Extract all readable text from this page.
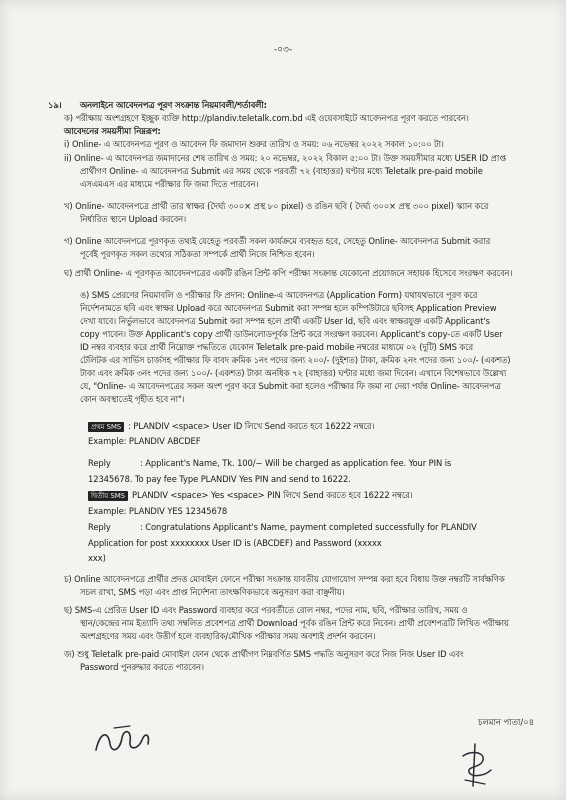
-০৩-
১৯। অনলাইনে আবেদনপত্র পূরণ সংক্রান্ত নিয়মাবলী/শর্তাবলী:
ক) পরীক্ষায় অংশগ্রহণে ইচ্ছুক ব্যক্তি http://plandiv.teletalk.com.bd এই ওয়েবসাইটে আবেদনপত্র পূরণ করতে পারবেন।
আবেদনের সময়সীমা নিম্নরূপ:
i) Online- এ আবেদনপত্র পূরণ ও আবেদন ফি জমাদান শুরুর তারিখ ও সময়: ০৬ নভেম্বর ২০২২ সকাল ১০:০০ টা।
ii) Online- এ আবেদনপত্র জমাদানের শেষ তারিখ ও সময়: ২০ নভেম্বর, ২০২২ বিকাল ৫:০০ টা। উক্ত সময়সীমার মধ্যে USER ID প্রাপ্ত
প্রার্থীগণ Online- এ আবেদনপত্র Submit এর সময় থেকে পরবর্তী ৭২ (বাহাত্তর) ঘণ্টার মধ্যে Teletalk pre-paid mobile
এসএমএস এর মাধ্যমে পরীক্ষার ফি জমা দিতে পারবেন।
খ) Online- আবেদনপত্রে প্রার্থী তার স্বাক্ষর (দৈর্ঘ্য ৩০০× প্রস্থ ৮০ pixel) ও রঙিন ছবি ( দৈর্ঘ্য ৩০০× প্রস্থ ৩০০ pixel) স্ক্যান করে
নির্ধারিত স্থানে Upload করবেন।
গ) Online আবেদনপত্রে পূরণকৃত তথ্যই যেহেতু পরবর্তী সকল কার্যক্রমে ব্যবহৃত হবে, সেহেতু Online- আবেদনপত্র Submit করার
পূর্বেই পূরণকৃত সকল তথ্যের সঠিকতা সম্পর্কে প্রার্থী নিজে নিশ্চিত হবেন।
ঘ) প্রার্থী Online- এ পূরণকৃত আবেদনপত্রের একটি রঙিন প্রিন্ট কপি পরীক্ষা সংক্রান্ত যেকোনো প্রয়োজনে সহায়ক হিসেবে সংরক্ষণ করবেন।
ঙ) SMS প্রেরণের নিয়মাবলি ও পরীক্ষার ফি প্রদান: Online-এ আবেদনপত্র (Application Form) যথাযথভাবে পূরণ করে
নির্দেশনামতে ছবি এবং স্বাক্ষর Upload করে আবেদনপত্র Submit করা সম্পন্ন হলে কম্পিউটারে ছবিসহ Application Preview
দেখা যাবে। নির্ভুলভাবে আবেদনপত্র Submit করা সম্পন্ন হলে প্রার্থী একটি User Id, ছবি এবং স্বাক্ষরযুক্ত একটি Applicant's
copy পাবেন। উক্ত Applicant's copy প্রার্থী ডাউনলোডপূর্বক প্রিন্ট করে সংরক্ষণ করবেন। Applicant's copy-তে একটি User
ID নম্বর ব্যবহার করে প্রার্থী নিম্নোক্ত পদ্ধতিতে যেকোন Teletalk pre-paid mobile নম্বরের মাধ্যমে ০২ (দুটি) SMS করে
টেলিটক এর সার্ভিস চার্জসহ পরীক্ষার ফি বাবদ ক্রমিক ১নং পদের জন্য ২০০/- (দুইশত) টাকা, ক্রমিক ২নং পদের জন্য ১০০/- (একশত)
টাকা এবং ক্রমিক ৩নং পদের জন্য ১০০/- (একশত) টাকা অনধিক ৭২ (বাহাত্তর) ঘণ্টার মধ্যে জমা দিবেন। এখানে বিশেষভাবে উল্লেখ্য
যে, "Online- এ আবেদনপত্রের সকল অংশ পূরণ করে Submit করা হলেও পরীক্ষার ফি জমা না দেয়া পর্যন্ত Online- আবেদনপত্র
কোন অবস্থাতেই গৃহীত হবে না"।
প্রথম SMS : PLANDIV <space> User ID লিখে Send করতে হবে 16222 নম্বরে।
Example: PLANDIV ABCDEF
Reply	: Applicant's Name, Tk. 100/− Will be charged as application fee. Your PIN is
12345678. To pay fee Type PLANDIV Yes PIN and send to 16222.
দ্বিতীয় SMS PLANDIV <space> Yes <space> PIN লিখে Send করতে হবে 16222 নম্বরে।
Example: PLANDIV YES 12345678
Reply	: Congratulations Applicant's Name, payment completed successfully for PLANDIV
Application for post xxxxxxxx User ID is (ABCDEF) and Password (xxxxx
xxx)
চ) Online আবেদনপত্রে প্রার্থীর প্রদত্ত মোবাইল ফোনে পরীক্ষা সংক্রান্ত যাবতীয় যোগাযোগ সম্পন্ন করা হবে বিধায় উক্ত নম্বরটি সার্বক্ষণিক
সচল রাখা, SMS পড়া এবং প্রাপ্ত নির্দেশনা তাৎক্ষণিকভাবে অনুসরণ করা বাঞ্ছনীয়।
ছ) SMS-এ প্রেরিত User ID এবং Password ব্যবহার করে পরবর্তীতে রোল নম্বর, পদের নাম, ছবি, পরীক্ষার তারিখ, সময় ও
স্থান/কেন্দ্রের নাম ইত্যাদি তথ্য সম্বলিত প্রবেশপত্র প্রার্থী Download পূর্বক রঙিন প্রিন্ট করে নিবেন। প্রার্থী প্রবেশপত্রটি লিখিত পরীক্ষায়
অংশগ্রহণের সময় এবং উত্তীর্ণ হলে ব্যবহারিক/মৌখিক পরীক্ষার সময় অবশ্যই প্রদর্শন করবেন।
জ) শুধু Teletalk pre-paid মোবাইল ফোন থেকে প্রার্থীগণ নিম্নবর্ণিত SMS পদ্ধতি অনুসরণ করে নিজ নিজ User ID এবং
Password পুনরুদ্ধার করতে পারবেন।
চলমান পাতা/০৪
